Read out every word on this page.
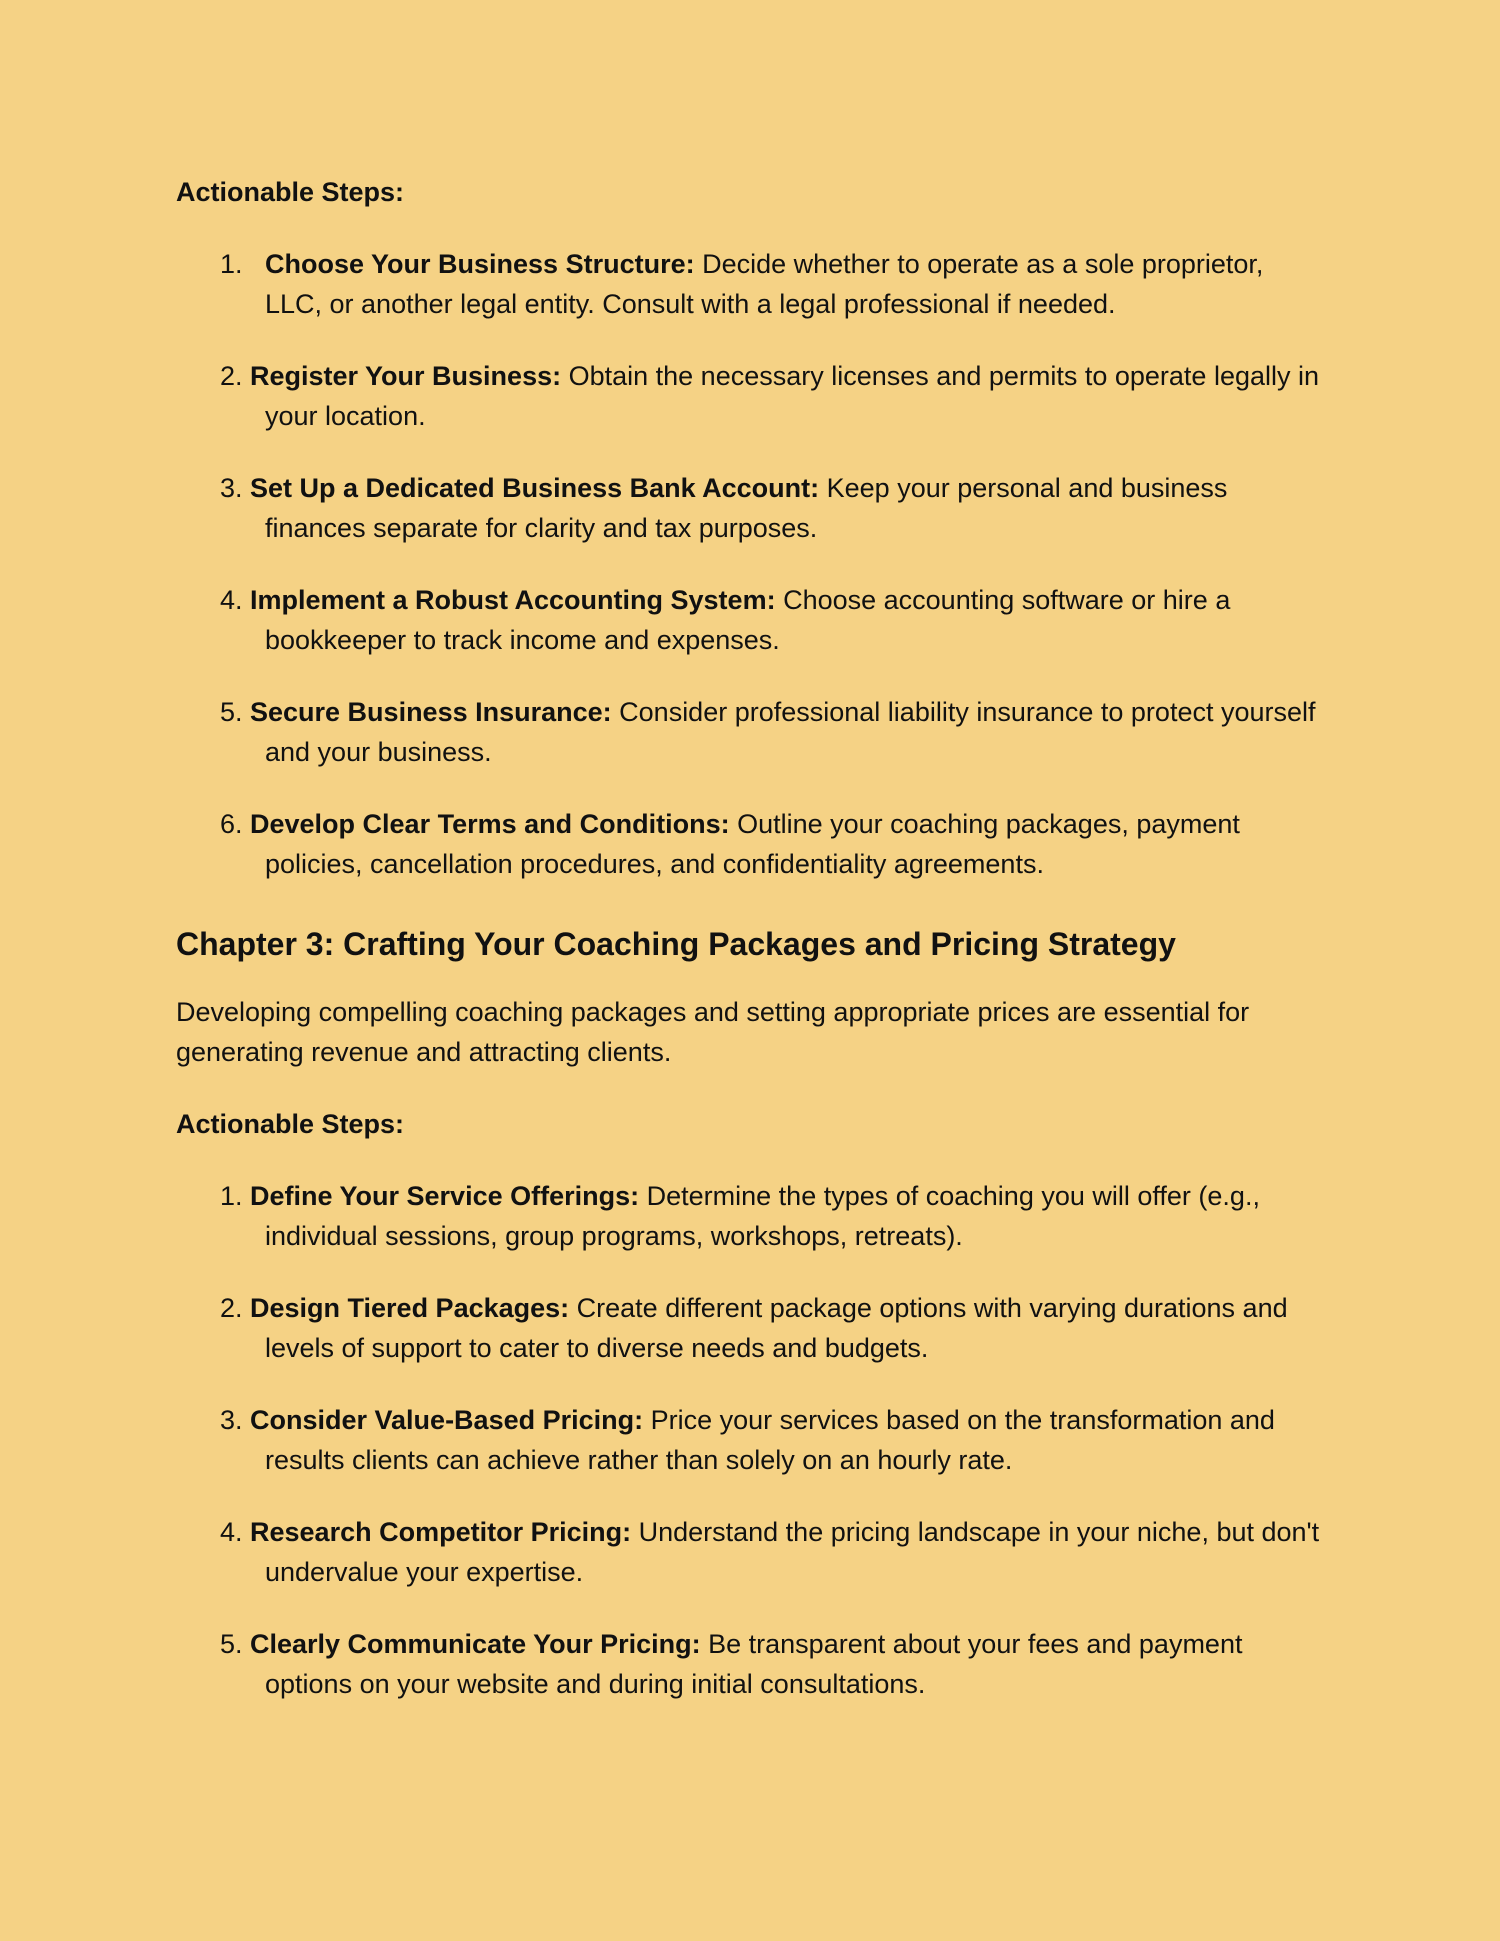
Actionable Steps:

1. Choose Your Business Structure: Decide whether to operate as a sole proprietor, LLC, or another legal entity. Consult with a legal professional if needed.
2. Register Your Business: Obtain the necessary licenses and permits to operate legally in your location.
3. Set Up a Dedicated Business Bank Account: Keep your personal and business finances separate for clarity and tax purposes.
4. Implement a Robust Accounting System: Choose accounting software or hire a bookkeeper to track income and expenses.
5. Secure Business Insurance: Consider professional liability insurance to protect yourself and your business.
6. Develop Clear Terms and Conditions: Outline your coaching packages, payment policies, cancellation procedures, and confidentiality agreements.
Chapter 3: Crafting Your Coaching Packages and Pricing Strategy

Developing compelling coaching packages and setting appropriate prices are essential for generating revenue and attracting clients.

Actionable Steps:

1. Define Your Service Offerings: Determine the types of coaching you will offer (e.g., individual sessions, group programs, workshops, retreats).
2. Design Tiered Packages: Create different package options with varying durations and levels of support to cater to diverse needs and budgets.
3. Consider Value-Based Pricing: Price your services based on the transformation and results clients can achieve rather than solely on an hourly rate.
4. Research Competitor Pricing: Understand the pricing landscape in your niche, but don't undervalue your expertise.
5. Clearly Communicate Your Pricing: Be transparent about your fees and payment options on your website and during initial consultations.
